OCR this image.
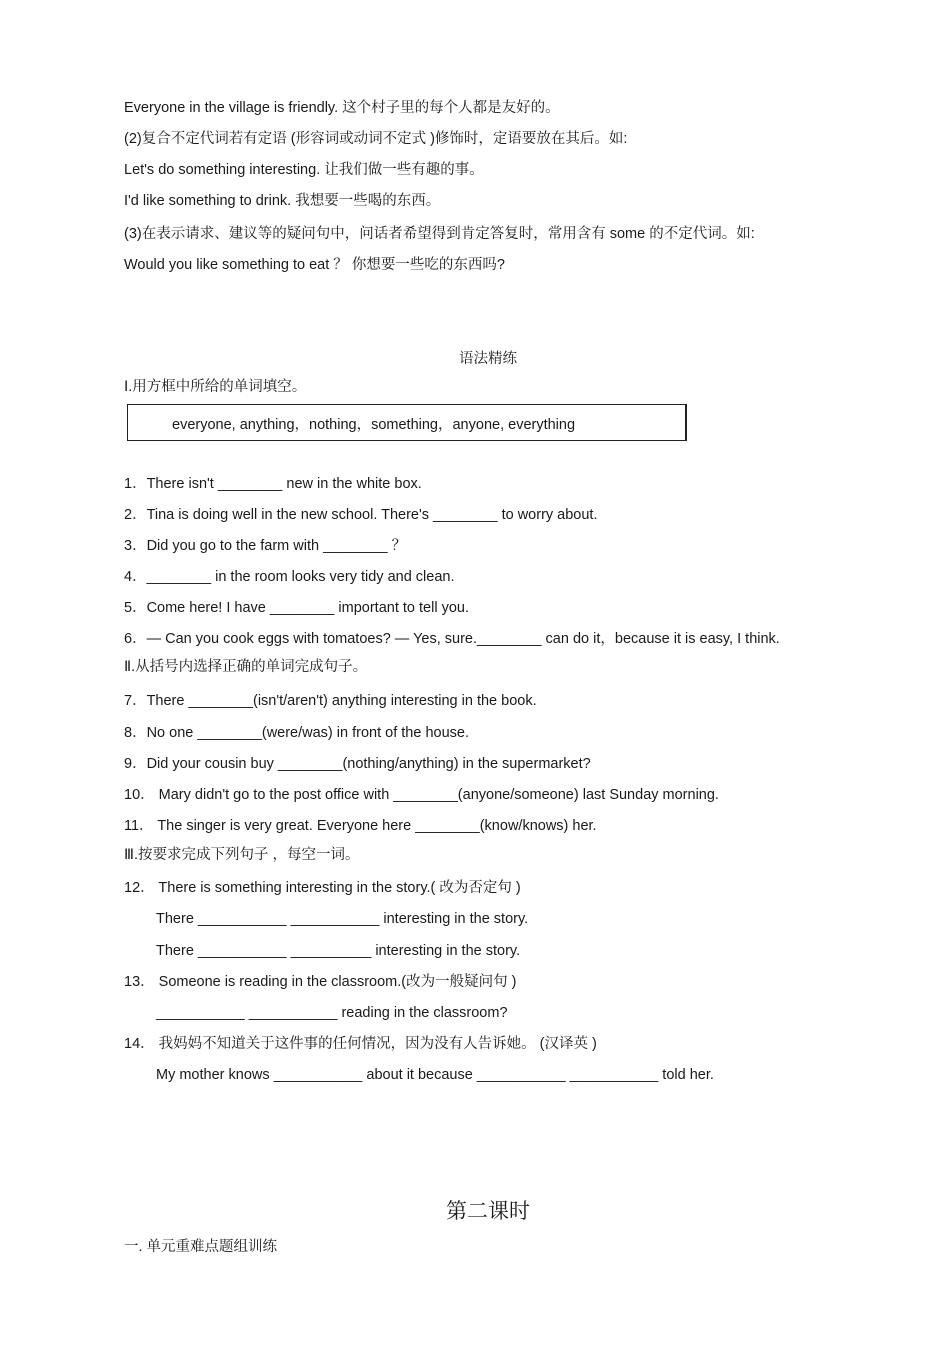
Everyone in the village is friendly. 这个村子里的每个人都是友好的。
(2)复合不定代词若有定语 (形容词或动词不定式 )修饰时，定语要放在其后。如:
Let's do something interesting. 让我们做一些有趣的事。
I'd like something to drink. 我想要一些喝的东西。
(3)在表示请求、建议等的疑问句中，问话者希望得到肯定答复时，常用含有 some 的不定代词。如:
Would you like something to eat ？ 你想要一些吃的东西吗?
语法精练
Ⅰ.用方框中所给的单词填空。
everyone, anything，nothing，something，anyone, everything
1．There isn't ________ new in the white box.
2．Tina is doing well in the new school. There's ________ to worry about.
3．Did you go to the farm with ________ ？
4．________ in the room looks very tidy and clean.
5．Come here! I have ________ important to tell you.
6．— Can you cook eggs with tomatoes? — Yes, sure.________ can do it，because it is easy, I think.
Ⅱ.从括号内选择正确的单词完成句子。
7．There ________(isn't/aren't) anything interesting in the book.
8．No one ________(were/was) in front of the house.
9．Did your cousin buy ________(nothing/anything) in the supermarket?
10． Mary didn't go to the post office with ________(anyone/someone) last Sunday morning.
11． The singer is very great. Everyone here ________(know/knows) her.
Ⅲ.按要求完成下列句子 ，每空一词。
12． There is something interesting in the story.( 改为否定句 )
There ___________ ___________ interesting in the story.
There ___________ __________ interesting in the story.
13． Someone is reading in the classroom.(改为一般疑问句 )
___________ ___________ reading in the classroom?
14． 我妈妈不知道关于这件事的任何情况，因为没有人告诉她。 (汉译英 )
My mother knows ___________ about it because ___________ ___________ told her.
第二课时
一. 单元重难点题组训练
